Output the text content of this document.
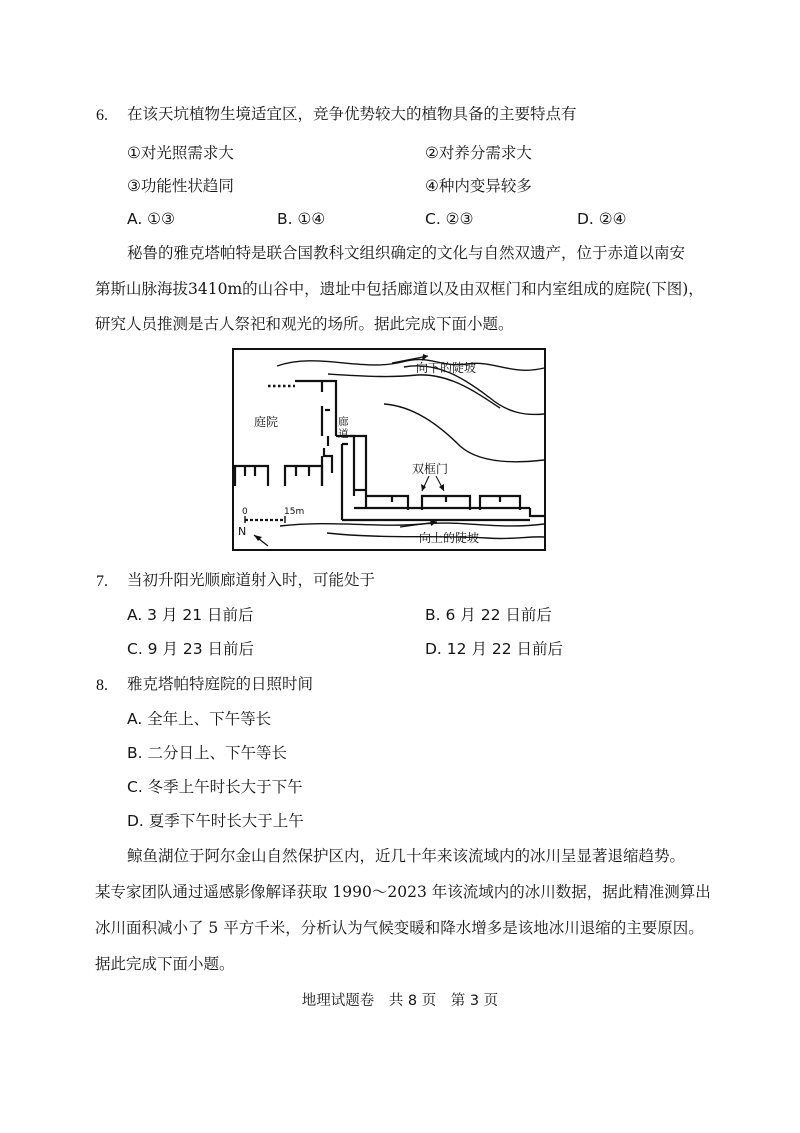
6. 在该天坑植物生境适宜区，竞争优势较大的植物具备的主要特点有
①对光照需求大	②对养分需求大
③功能性状趋同	④种内变异较多
A. ①③	B. ①④	C. ②③	D. ②④
秘鲁的雅克塔帕特是联合国教科文组织确定的文化与自然双遗产，位于赤道以南安
第斯山脉海拔3410m的山谷中，遗址中包括廊道以及由双框门和内室组成的庭院(下图)，
研究人员推测是古人祭祀和观光的场所。据此完成下面小题。
向下的陡坡
庭院	廊道
双框门
向上的陡坡
0	15m
N
7. 当初升阳光顺廊道射入时，可能处于
A. 3 月 21 日前后	B. 6 月 22 日前后
C. 9 月 23 日前后	D. 12 月 22 日前后
8. 雅克塔帕特庭院的日照时间
A. 全年上、下午等长
B. 二分日上、下午等长
C. 冬季上午时长大于下午
D. 夏季下午时长大于上午
鲸鱼湖位于阿尔金山自然保护区内，近几十年来该流域内的冰川呈显著退缩趋势。
某专家团队通过遥感影像解译获取 1990～2023 年该流域内的冰川数据，据此精准测算出
冰川面积减小了 5 平方千米，分析认为气候变暖和降水增多是该地冰川退缩的主要原因。
据此完成下面小题。
地理试题卷　共 8 页　第 3 页
